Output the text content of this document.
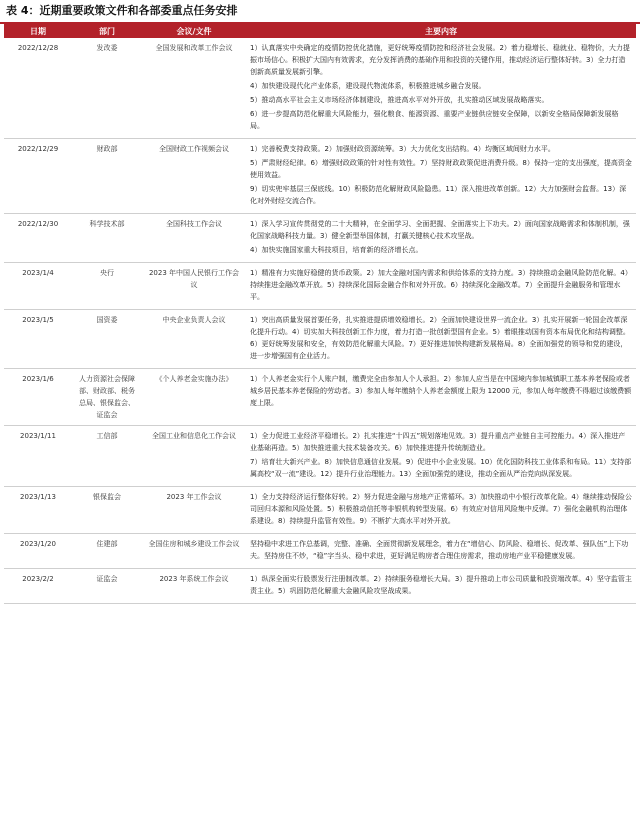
表 4：近期重要政策文件和各部委重点任务安排
日期	部门	会议/文件	主要内容
2022/12/28	发改委	全国发展和改革工作会议	1）认真落实中央确定的疫情防控优化措施，更好统筹疫情防控和经济社会发展。2）着力稳增长、稳就业、稳物价，大力提振市场信心。积极扩大国内有效需求，充分发挥消费的基础作用和投资的关键作用，推动经济运行整体好转。3）全力打造创新高质量发展新引擎。

4）加快建设现代化产业体系，建设现代物流体系，积极推进城乡融合发展。

5）推动高水平社会主义市场经济体制建设，推进高水平对外开放，扎实推动区域发展战略落实。

6）进一步提高防范化解重大风险能力，强化粮食、能源资源、重要产业链供应链安全保障，以新安全格局保障新发展格局。

2022/12/29	财政部	全国财政工作视频会议	1）完善税费支持政策。2）加强财政资源统筹。3）大力优化支出结构。4）均衡区域间财力水平。

5）严肃财经纪律。6）增强财政政策的针对性有效性。7）坚持财政政策促进消费升级。8）保持一定的支出强度，提高资金使用效益。

9）切实兜牢基层三保底线。10）积极防范化解财政风险隐患。11）深入推进改革创新。12）大力加强财会监督。13）深化对外财经交流合作。

2022/12/30	科学技术部	全国科技工作会议	1）深入学习宣传贯彻党的二十大精神，在全面学习、全面把握、全面落实上下功夫。2）面向国家战略需求和体制机制，强化国家战略科技力量。3）健全新型举国体制，打赢关键核心技术攻坚战。

4）加快实施国家重大科技项目，培育新的经济增长点。

2023/1/4	央行	2023 年中国人民银行工作会议	1）精准有力实施好稳健的货币政策。2）加大金融对国内需求和供给体系的支持力度。3）持续推动金融风险防范化解。4）持续推进金融改革开放。5）持续深化国际金融合作和对外开放。6）持续深化金融改革。7）全面提升金融服务和管理水平。

2023/1/5	国资委	中央企业负责人会议	1）突出高质量发展首要任务，扎实推进提质增效稳增长。2）全面加快建设世界一流企业。3）扎实开展新一轮国企改革深化提升行动。4）切实加大科技创新工作力度，着力打造一批创新型国有企业。5）着眼推动国有资本布局优化和结构调整。6）更好统筹发展和安全，有效防范化解重大风险。7）更好推进加快构建新发展格局。8）全面加强党的领导和党的建设，进一步增强国有企业活力。

2023/1/6	人力资源社会保障部、财政部、税务总局、银保监会、证监会	《个人养老金实施办法》	1）个人养老金实行个人账户制，缴费完全由参加人个人承担。2）参加人应当是在中国境内参加城镇职工基本养老保险或者城乡居民基本养老保险的劳动者。3）参加人每年缴纳个人养老金额度上限为 12000 元，参加人每年缴费不得超过该缴费额度上限。

2023/1/11	工信部	全国工业和信息化工作会议	1）全力促进工业经济平稳增长。2）扎实推进“十四五”规划落地见效。3）提升重点产业链自主可控能力。4）深入推进产业基础再造。5）加快推进重大技术装备攻关。6）加快推进提升传统制造业。

7）培育壮大新兴产业。8）加快信息通信业发展。9）促进中小企业发展。10）优化国防科技工业体系和布局。11）支持部属高校“双一流”建设。12）提升行业治理能力。13）全面加强党的建设，推动全面从严治党向纵深发展。

2023/1/13	银保监会	2023 年工作会议	1）全力支持经济运行整体好转。2）努力促进金融与房地产正常循环。3）加快推动中小银行改革化险。4）继续推动保险公司回归本源和风险处置。5）积极推动信托等非银机构转型发展。6）有效应对信用风险集中反弹。7）强化金融机构治理体系建设。8）持续提升监管有效性。9）不断扩大高水平对外开放。

2023/1/20	住建部	全国住房和城乡建设工作会议	坚持稳中求进工作总基调，完整、准确、全面贯彻新发展理念，着力在“增信心、防风险、稳增长、促改革、强队伍”上下功夫。坚持房住不炒，“稳”字当头、稳中求进，更好满足购房者合理住房需求，推动房地产业平稳健康发展。

2023/2/2	证监会	2023 年系统工作会议	1）纵深全面实行股票发行注册制改革。2）持续服务稳增长大局。3）提升推动上市公司质量和投资端改革。4）坚守监管主责主业。5）巩固防范化解重大金融风险攻坚战成果。
